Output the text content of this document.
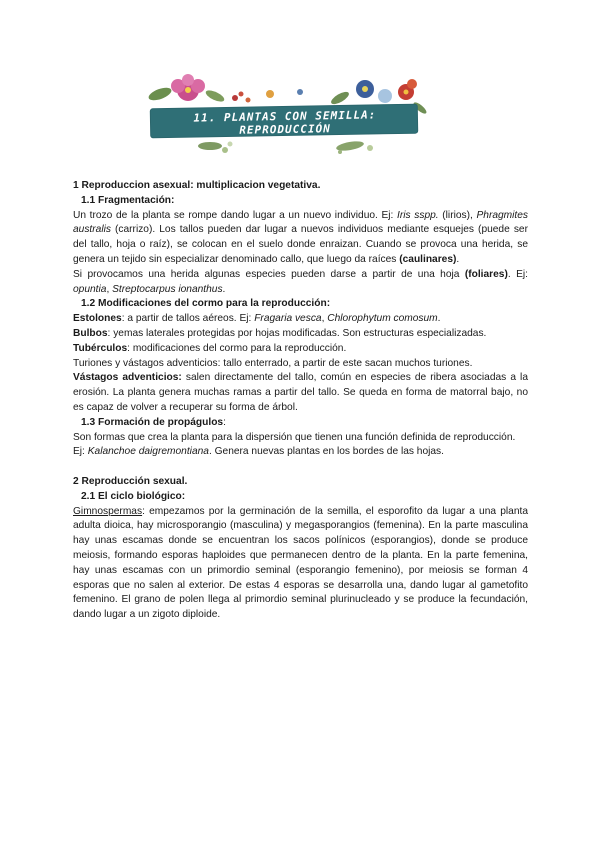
11. PLANTAS CON SEMILLA: REPRODUCCIÓN

1 Reproduccion asexual: multiplicacion vegetativa.

1.1 Fragmentación:

Un trozo de la planta se rompe dando lugar a un nuevo individuo. Ej: Iris sspp. (lirios), Phragmites australis (carrizo). Los tallos pueden dar lugar a nuevos individuos mediante esquejes (puede ser del tallo, hoja o raíz), se colocan en el suelo donde enraizan. Cuando se provoca una herida, se genera un tejido sin especializar denominado callo, que luego da raíces (caulinares).

Si provocamos una herida algunas especies pueden darse a partir de una hoja (foliares). Ej: opuntia, Streptocarpus ionanthus.

1.2 Modificaciones del cormo para la reproducción:

Estolones: a partir de tallos aéreos. Ej: Fragaria vesca, Chlorophytum comosum.

Bulbos: yemas laterales protegidas por hojas modificadas. Son estructuras especializadas.

Tubérculos: modificaciones del cormo para la reproducción.

Turiones y vástagos adventicios: tallo enterrado, a partir de este sacan muchos turiones.

Vástagos adventicios: salen directamente del tallo, común en especies de ribera asociadas a la erosión. La planta genera muchas ramas a partir del tallo. Se queda en forma de matorral bajo, no es capaz de volver a recuperar su forma de árbol.

1.3 Formación de propágulos:

Son formas que crea la planta para la dispersión que tienen una función definida de reproducción.

Ej: Kalanchoe daigremontiana. Genera nuevas plantas en los bordes de las hojas.

2 Reproducción sexual.

2.1 El ciclo biológico:

Gimnospermas: empezamos por la germinación de la semilla, el esporofito da lugar a una planta adulta dioica, hay microsporangio (masculina) y megasporangios (femenina). En la parte masculina hay unas escamas donde se encuentran los sacos polínicos (esporangios), donde se produce meiosis, formando esporas haploides que permanecen dentro de la planta. En la parte femenina, hay unas escamas con un primordio seminal (esporangio femenino), por meiosis se forman 4 esporas que no salen al exterior. De estas 4 esporas se desarrolla una, dando lugar al gametofito femenino. El grano de polen llega al primordio seminal plurinucleado y se produce la fecundación, dando lugar a un zigoto diploide.
